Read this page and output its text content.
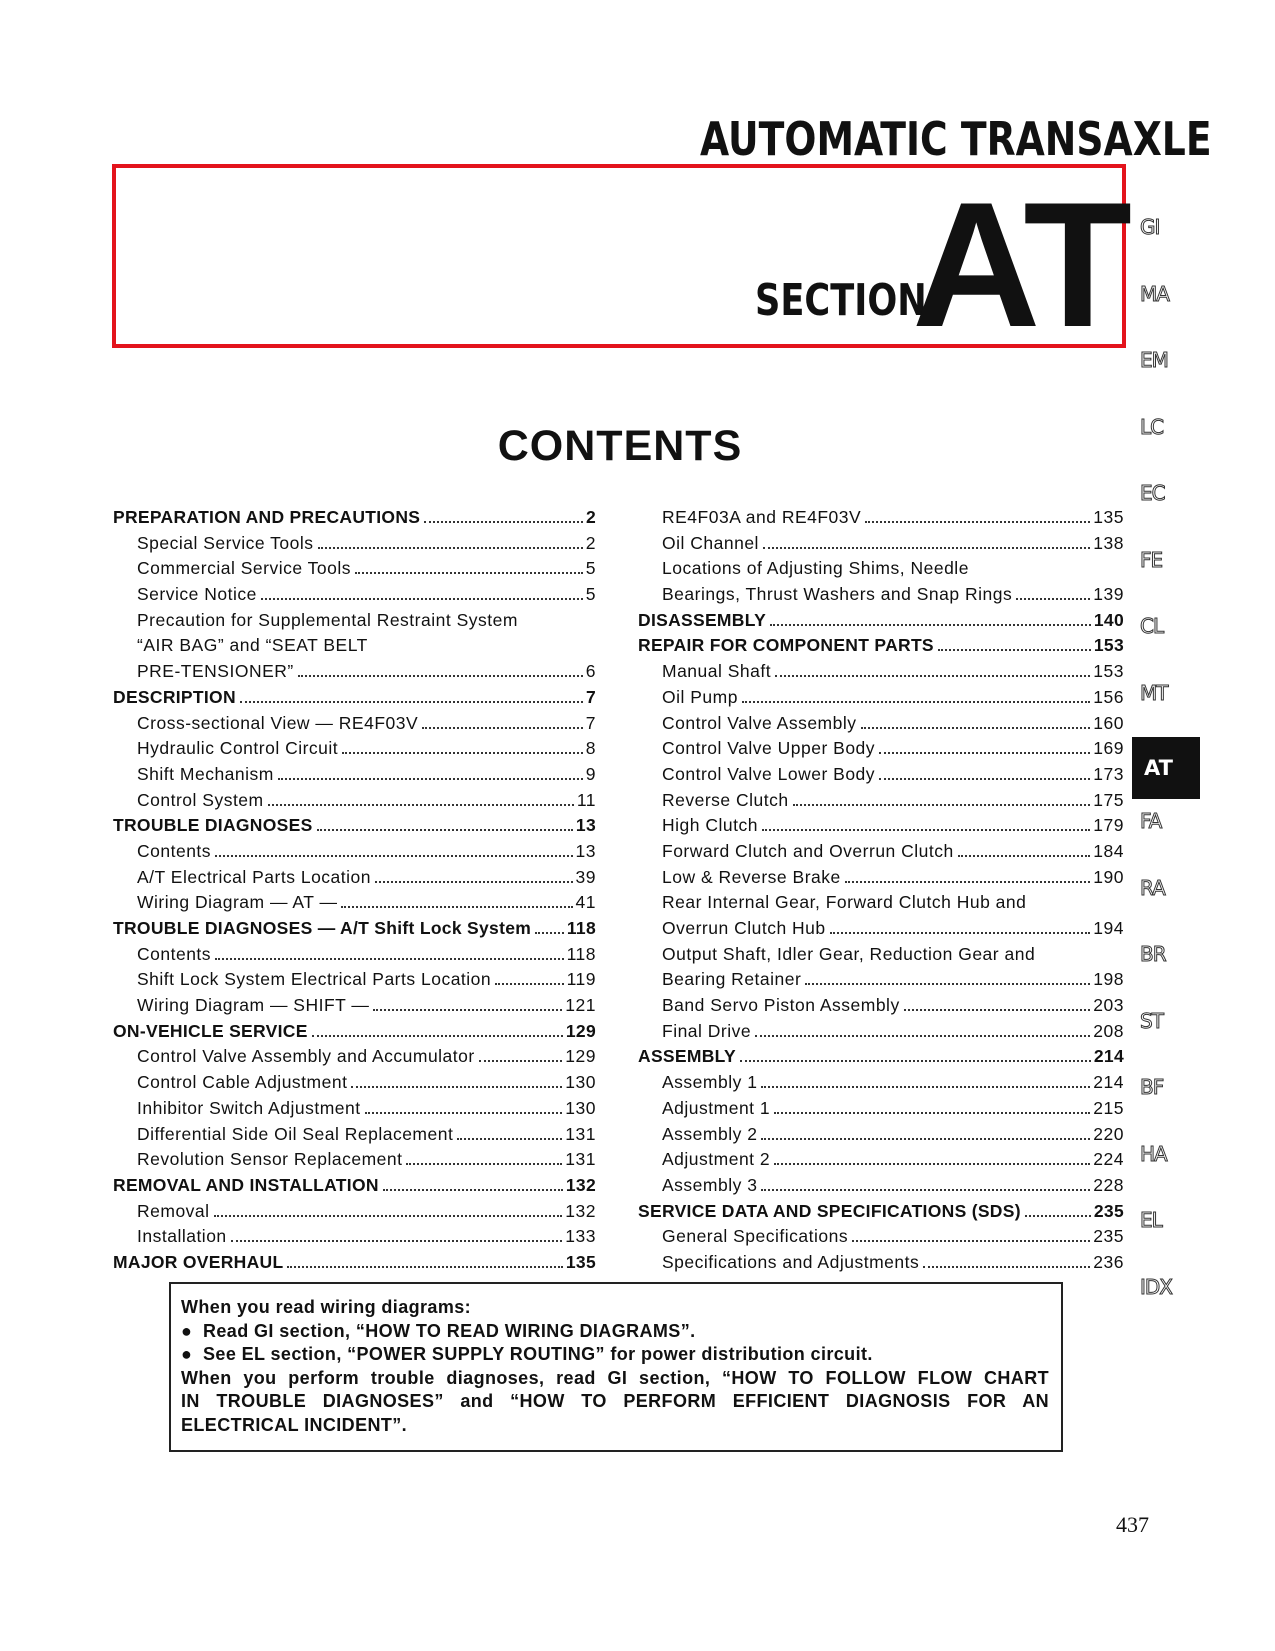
AUTOMATIC TRANSAXLE
SECTION
AT
CONTENTS
PREPARATION AND PRECAUTIONS	2
Special Service Tools	2
Commercial Service Tools	5
Service Notice	5
Precaution for Supplemental Restraint System
“AIR BAG” and “SEAT BELT
PRE-TENSIONER”	6
DESCRIPTION	7
Cross-sectional View — RE4F03V	7
Hydraulic Control Circuit	8
Shift Mechanism	9
Control System	11
TROUBLE DIAGNOSES	13
Contents	13
A/T Electrical Parts Location	39
Wiring Diagram — AT —	41
TROUBLE DIAGNOSES — A/T Shift Lock System 118
Contents	118
Shift Lock System Electrical Parts Location	119
Wiring Diagram — SHIFT —	121
ON-VEHICLE SERVICE	129
Control Valve Assembly and Accumulator	129
Control Cable Adjustment	130
Inhibitor Switch Adjustment	130
Differential Side Oil Seal Replacement	131
Revolution Sensor Replacement	131
REMOVAL AND INSTALLATION	132
Removal	132
Installation	133
MAJOR OVERHAUL	135
RE4F03A and RE4F03V	135
Oil Channel	138
Locations of Adjusting Shims, Needle
Bearings, Thrust Washers and Snap Rings	139
DISASSEMBLY	140
REPAIR FOR COMPONENT PARTS	153
Manual Shaft	153
Oil Pump	156
Control Valve Assembly	160
Control Valve Upper Body	169
Control Valve Lower Body	173
Reverse Clutch	175
High Clutch	179
Forward Clutch and Overrun Clutch	184
Low & Reverse Brake	190
Rear Internal Gear, Forward Clutch Hub and
Overrun Clutch Hub	194
Output Shaft, Idler Gear, Reduction Gear and
Bearing Retainer	198
Band Servo Piston Assembly	203
Final Drive	208
ASSEMBLY	214
Assembly 1	214
Adjustment 1	215
Assembly 2	220
Adjustment 2	224
Assembly 3	228
SERVICE DATA AND SPECIFICATIONS (SDS)	235
General Specifications	235
Specifications and Adjustments	236
GI
MA
EM
LC
EC
FE
CL
MT
AT
FA
RA
BR
ST
BF
HA
EL
IDX
When you read wiring diagrams:
● Read GI section, “HOW TO READ WIRING DIAGRAMS”.
● See EL section, “POWER SUPPLY ROUTING” for power distribution circuit.
When you perform trouble diagnoses, read GI section, “HOW TO FOLLOW FLOW CHART
IN TROUBLE DIAGNOSES” and “HOW TO PERFORM EFFICIENT DIAGNOSIS FOR AN
ELECTRICAL INCIDENT”.
437
